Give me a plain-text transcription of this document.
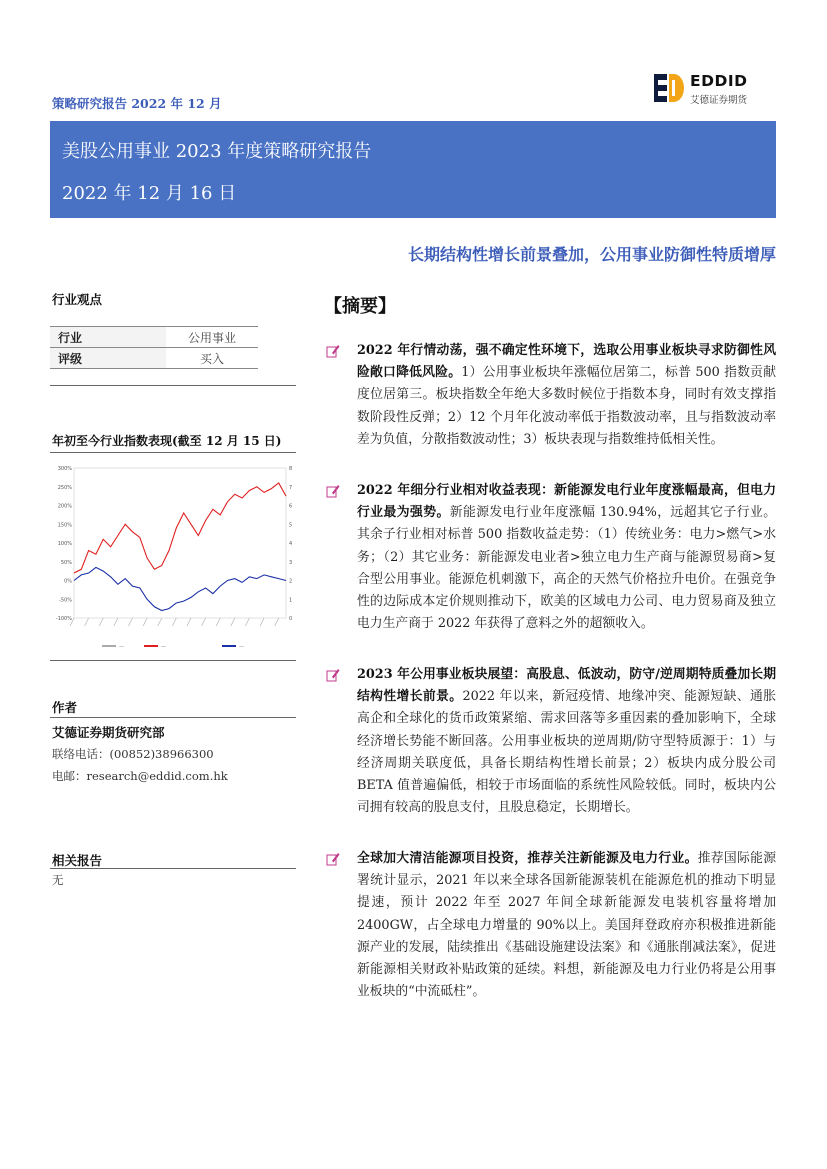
策略研究报告 2022 年 12 月
EDDID
艾德证券期货
美股公用事业 2023 年度策略研究报告
2022 年 12 月 16 日
长期结构性增长前景叠加，公用事业防御性特质增厚
行业观点
行业	公用事业
评级	买入
年初至今行业指数表现(截至 12 月 15 日)
300%
250%
200%
150%
100%
50%
0%
-50%
-100%
8
7
6
5
4
3
2
1
0
—	—	—
作者
艾德证券期货研究部
联络电话：(00852)38966300
电邮：research@eddid.com.hk
相关报告
无
【摘要】
2022 年行情动荡，强不确定性环境下，选取公用事业板块寻求防御性风险敞口降低风险。1）公用事业板块年涨幅位居第二，标普 500 指数贡献度位居第三。板块指数全年绝大多数时候位于指数本身，同时有效支撑指数阶段性反弹；2）12 个月年化波动率低于指数波动率，且与指数波动率差为负值，分散指数波动性；3）板块表现与指数维持低相关性。
2022 年细分行业相对收益表现：新能源发电行业年度涨幅最高，但电力行业最为强势。新能源发电行业年度涨幅 130.94%，远超其它子行业。其余子行业相对标普 500 指数收益走势：（1）传统业务：电力>燃气>水务；（2）其它业务：新能源发电业者>独立电力生产商与能源贸易商>复合型公用事业。能源危机刺激下，高企的天然气价格拉升电价。在强竞争性的边际成本定价规则推动下，欧美的区域电力公司、电力贸易商及独立电力生产商于 2022 年获得了意料之外的超额收入。
2023 年公用事业板块展望：高股息、低波动，防守/逆周期特质叠加长期结构性增长前景。2022 年以来，新冠疫情、地缘冲突、能源短缺、通胀高企和全球化的货币政策紧缩、需求回落等多重因素的叠加影响下，全球经济增长势能不断回落。公用事业板块的逆周期/防守型特质源于：1）与经济周期关联度低，具备长期结构性增长前景；2）板块内成分股公司 BETA 值普遍偏低，相较于市场面临的系统性风险较低。同时，板块内公司拥有较高的股息支付，且股息稳定，长期增长。
全球加大清洁能源项目投资，推荐关注新能源及电力行业。推荐国际能源署统计显示，2021 年以来全球各国新能源装机在能源危机的推动下明显提速，预计 2022 年至 2027 年间全球新能源发电装机容量将增加 2400GW，占全球电力增量的 90%以上。美国拜登政府亦积极推进新能源产业的发展，陆续推出《基础设施建设法案》和《通胀削减法案》，促进新能源相关财政补贴政策的延续。料想，新能源及电力行业仍将是公用事业板块的“中流砥柱”。
